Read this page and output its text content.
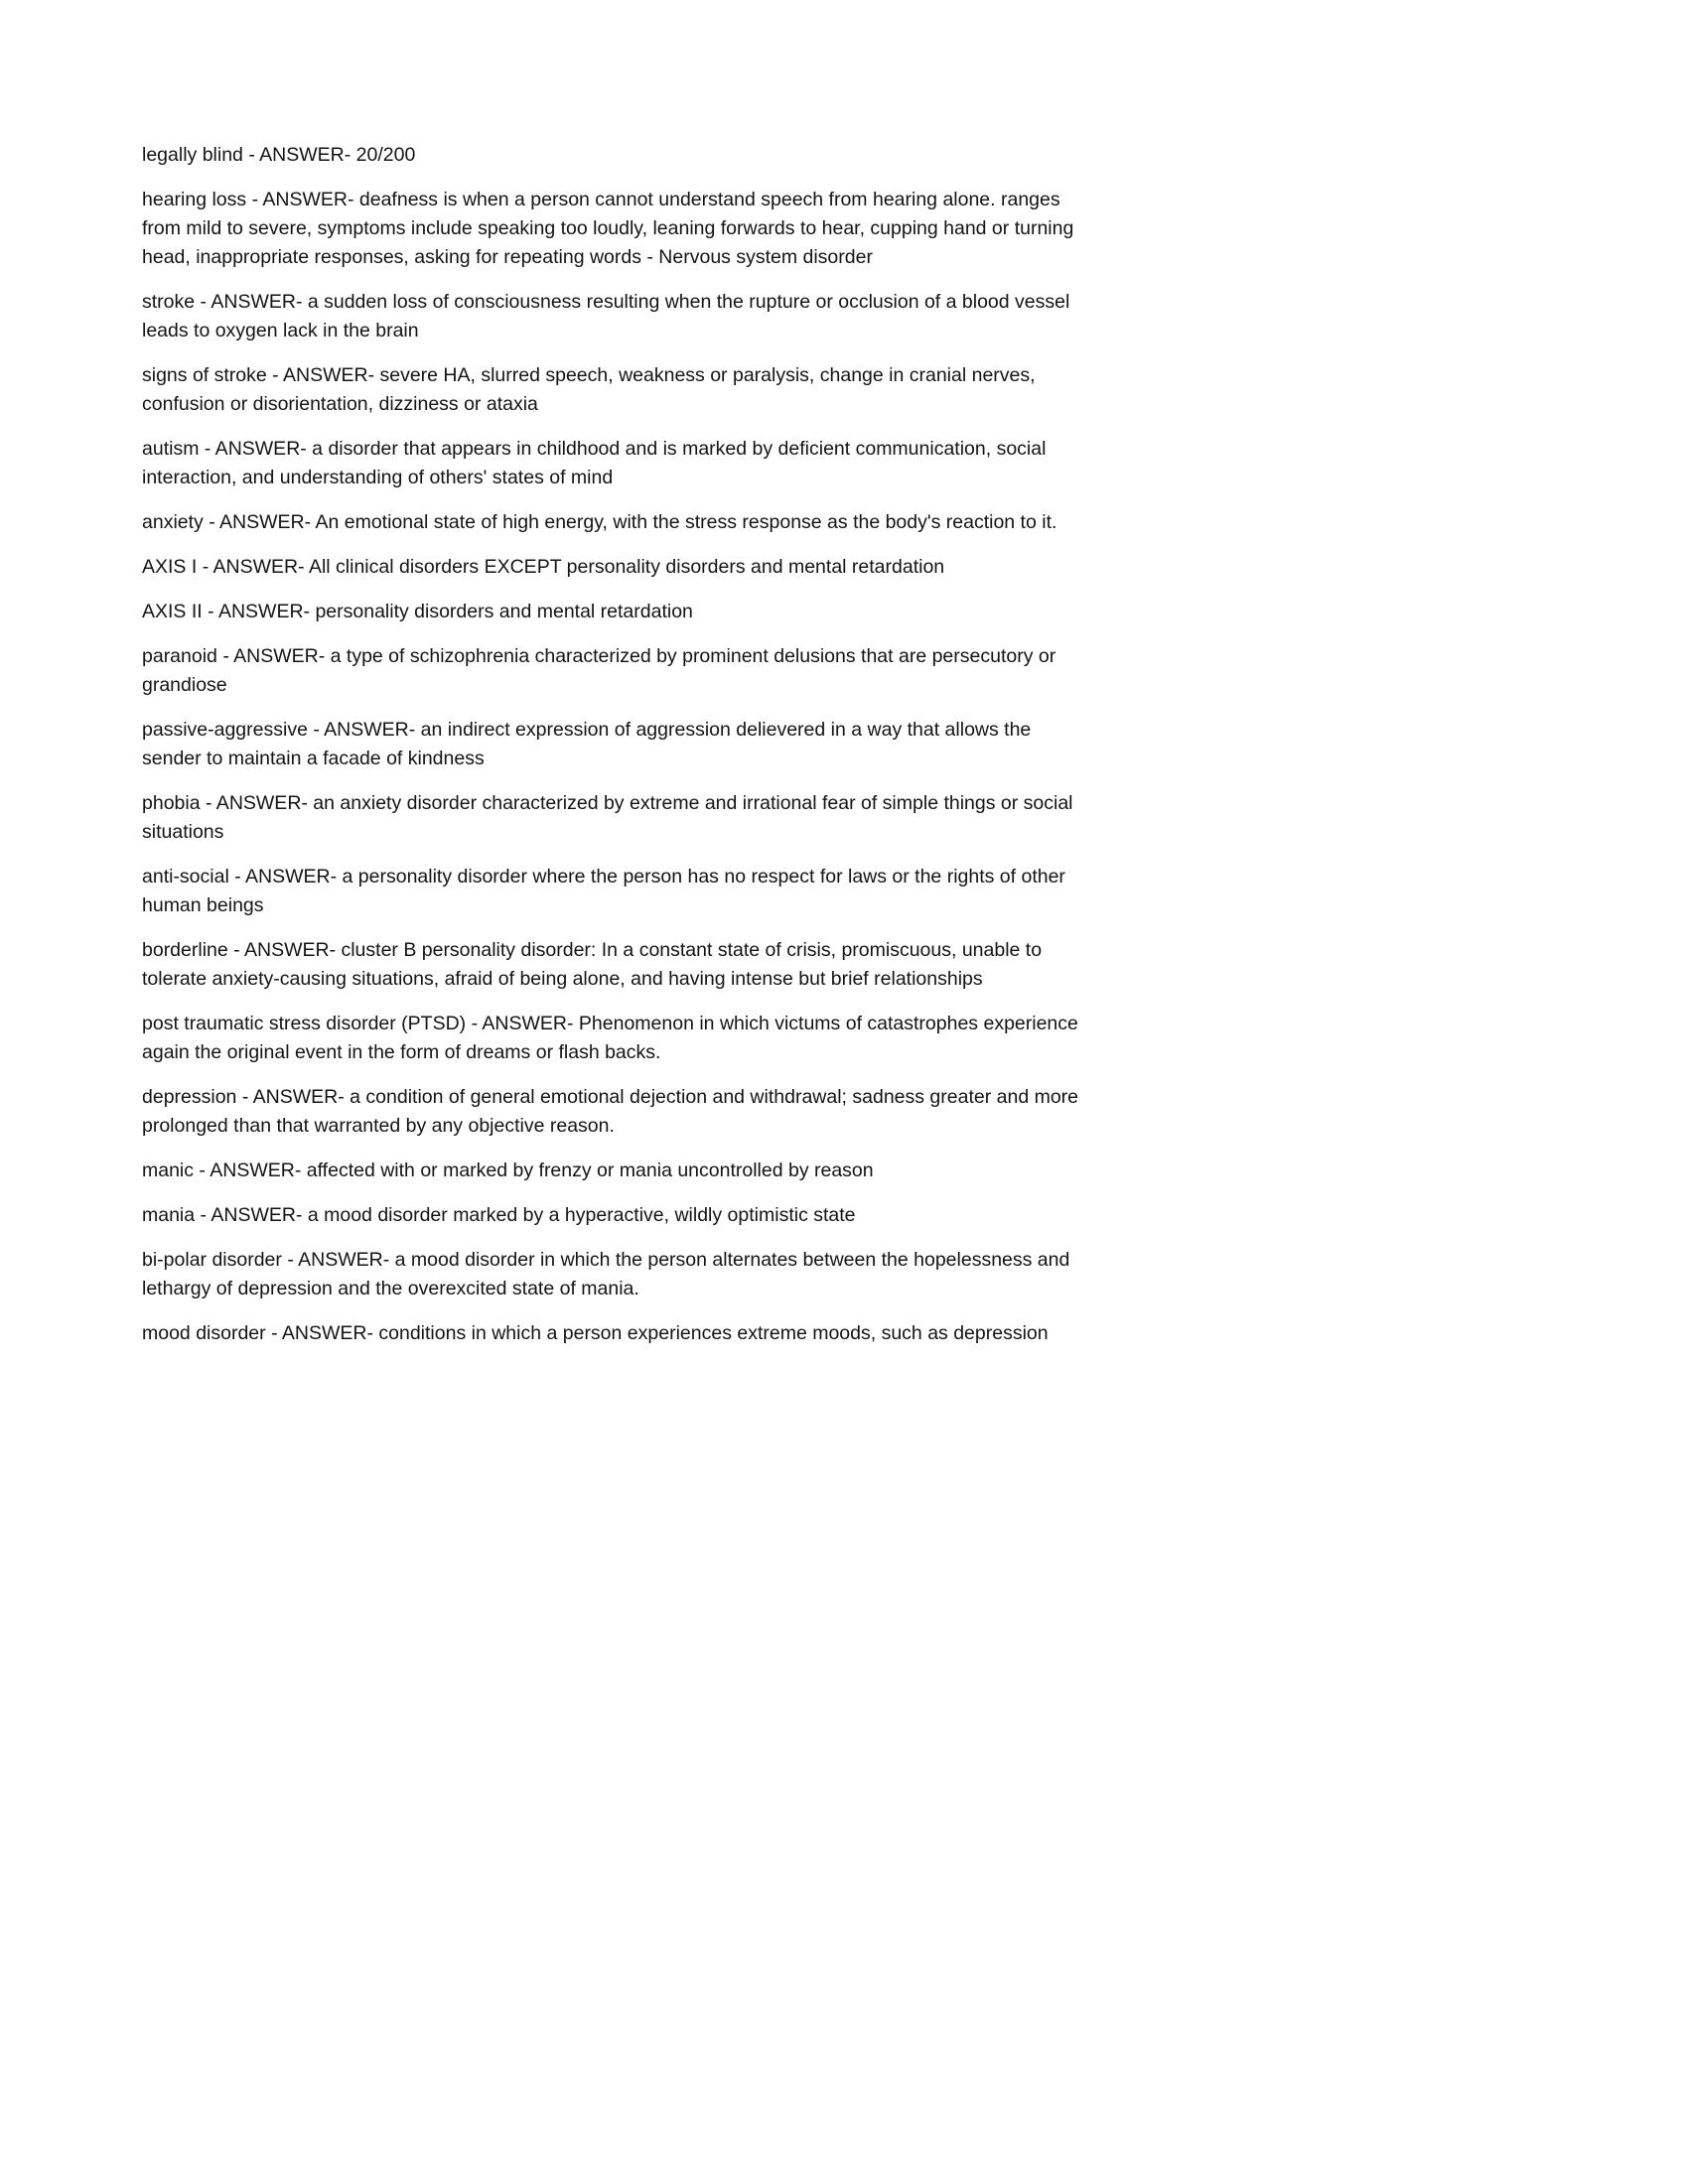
legally blind - ANSWER- 20/200

hearing loss - ANSWER- deafness is when a person cannot understand speech from hearing alone. ranges from mild to severe, symptoms include speaking too loudly, leaning forwards to hear, cupping hand or turning head, inappropriate responses, asking for repeating words - Nervous system disorder

stroke - ANSWER- a sudden loss of consciousness resulting when the rupture or occlusion of a blood vessel leads to oxygen lack in the brain

signs of stroke - ANSWER- severe HA, slurred speech, weakness or paralysis, change in cranial nerves, confusion or disorientation, dizziness or ataxia

autism - ANSWER- a disorder that appears in childhood and is marked by deficient communication, social interaction, and understanding of others' states of mind

anxiety - ANSWER- An emotional state of high energy, with the stress response as the body's reaction to it.

AXIS I - ANSWER- All clinical disorders EXCEPT personality disorders and mental retardation

AXIS II - ANSWER- personality disorders and mental retardation

paranoid - ANSWER- a type of schizophrenia characterized by prominent delusions that are persecutory or grandiose

passive-aggressive - ANSWER- an indirect expression of aggression delievered in a way that allows the sender to maintain a facade of kindness

phobia - ANSWER- an anxiety disorder characterized by extreme and irrational fear of simple things or social situations

anti-social - ANSWER- a personality disorder where the person has no respect for laws or the rights of other human beings

borderline - ANSWER- cluster B personality disorder: In a constant state of crisis, promiscuous, unable to tolerate anxiety-causing situations, afraid of being alone, and having intense but brief relationships

post traumatic stress disorder (PTSD) - ANSWER- Phenomenon in which victums of catastrophes experience again the original event in the form of dreams or flash backs.

depression - ANSWER- a condition of general emotional dejection and withdrawal; sadness greater and more prolonged than that warranted by any objective reason.

manic - ANSWER- affected with or marked by frenzy or mania uncontrolled by reason

mania - ANSWER- a mood disorder marked by a hyperactive, wildly optimistic state

bi-polar disorder - ANSWER- a mood disorder in which the person alternates between the hopelessness and lethargy of depression and the overexcited state of mania.

mood disorder - ANSWER- conditions in which a person experiences extreme moods, such as depression
